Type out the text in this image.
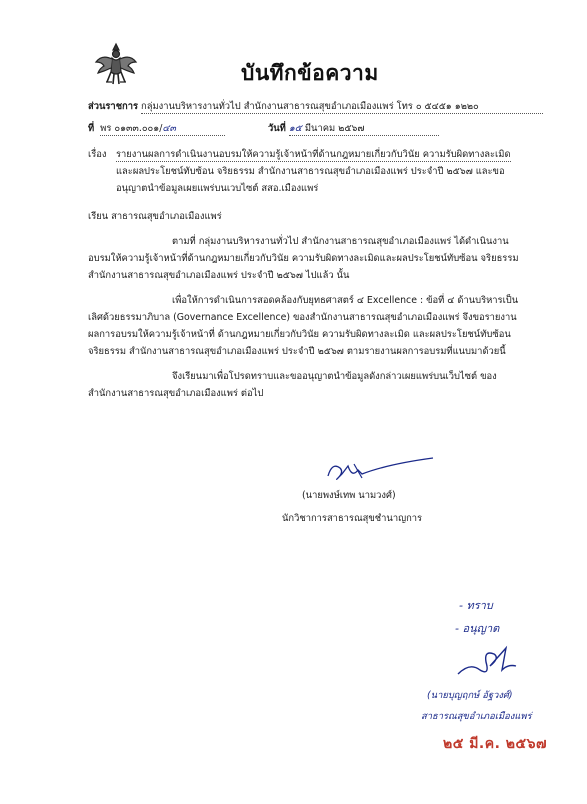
บันทึกข้อความ
ส่วนราชการ กลุ่มงานบริหารงานทั่วไป สำนักงานสาธารณสุขอำเภอเมืองแพร่ โทร ๐ ๕๔๕๑ ๑๒๒๐
ที่ พร ๐๑๓๓.๐๐๑/๔๓	วันที่ ๑๕ มีนาคม ๒๕๖๗
เรื่อง รายงานผลการดำเนินงานอบรมให้ความรู้เจ้าหน้าที่ด้านกฎหมายเกี่ยวกับวินัย ความรับผิดทางละเมิด
และผลประโยชน์ทับซ้อน จริยธรรม สำนักงานสาธารณสุขอำเภอเมืองแพร่ ประจำปี ๒๕๖๗ และขอ
อนุญาตนำข้อมูลเผยแพร่บนเวบไซต์ สสอ.เมืองแพร่
เรียน สาธารณสุขอำเภอเมืองแพร่
ตามที่ กลุ่มงานบริหารงานทั่วไป สำนักงานสาธารณสุขอำเภอเมืองแพร่ ได้ดำเนินงาน
อบรมให้ความรู้เจ้าหน้าที่ด้านกฎหมายเกี่ยวกับวินัย ความรับผิดทางละเมิดและผลประโยชน์ทับซ้อน จริยธรรม
สำนักงานสาธารณสุขอำเภอเมืองแพร่ ประจำปี ๒๕๖๗ ไปแล้ว นั้น
เพื่อให้การดำเนินการสอดคล้องกับยุทธศาสตร์ ๔ Excellence : ข้อที่ ๔ ด้านบริหารเป็น
เลิศด้วยธรรมาภิบาล (Governance Excellence) ของสำนักงานสาธารณสุขอำเภอเมืองแพร่ จึงขอรายงาน
ผลการอบรมให้ความรู้เจ้าหน้าที่ ด้านกฎหมายเกี่ยวกับวินัย ความรับผิดทางละเมิด และผลประโยชน์ทับซ้อน
จริยธรรม สำนักงานสาธารณสุขอำเภอเมืองแพร่ ประจำปี ๒๕๖๗ ตามรายงานผลการอบรมที่แนบมาด้วยนี้
จึงเรียนมาเพื่อโปรดทราบและขออนุญาตนำข้อมูลดังกล่าวเผยแพร่บนเว็บไซต์ ของ
สำนักงานสาธารณสุขอำเภอเมืองแพร่ ต่อไป
(นายพงษ์เทพ นามวงศ์)
นักวิชาการสาธารณสุขชำนาญการ
- ทราบ
- อนุญาต
(นายบุญฤกษ์ อัฐวงศ์)
สาธารณสุขอำเภอเมืองแพร่
๒๕ มี.ค. ๒๕๖๗
